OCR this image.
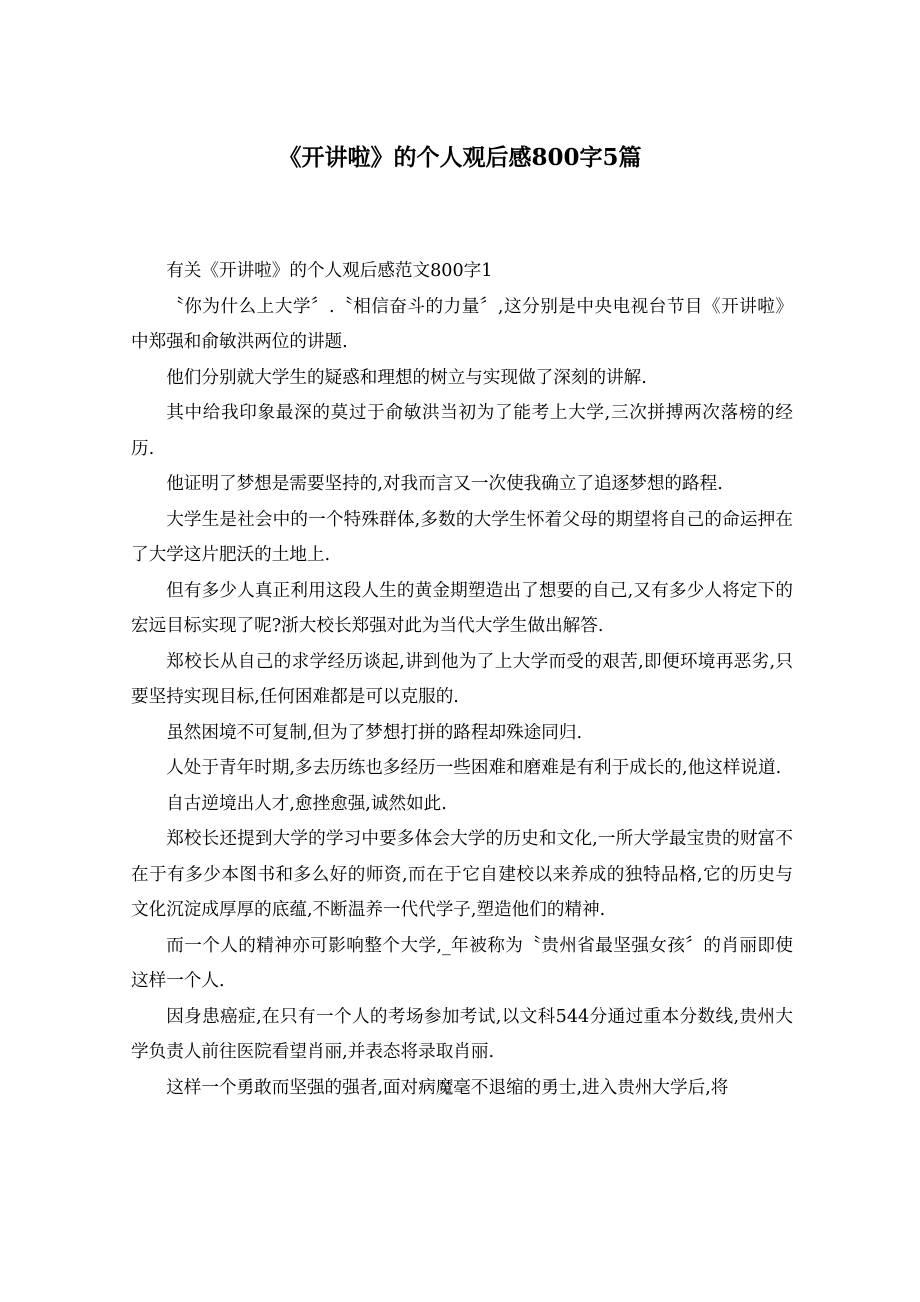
《开讲啦》的个人观后感800字5篇

有关《开讲啦》的个人观后感范文800字1

〝你为什么上大学〞.〝相信奋斗的力量〞,这分别是中央电视台节目《开讲啦》中郑强和俞敏洪两位的讲题.

他们分别就大学生的疑惑和理想的树立与实现做了深刻的讲解.

其中给我印象最深的莫过于俞敏洪当初为了能考上大学,三次拼搏两次落榜的经历.

他证明了梦想是需要坚持的,对我而言又一次使我确立了追逐梦想的路程.

大学生是社会中的一个特殊群体,多数的大学生怀着父母的期望将自己的命运押在了大学这片肥沃的土地上.

但有多少人真正利用这段人生的黄金期塑造出了想要的自己,又有多少人将定下的宏远目标实现了呢?浙大校长郑强对此为当代大学生做出解答.

郑校长从自己的求学经历谈起,讲到他为了上大学而受的艰苦,即便环境再恶劣,只要坚持实现目标,任何困难都是可以克服的.

虽然困境不可复制,但为了梦想打拼的路程却殊途同归.

人处于青年时期,多去历练也多经历一些困难和磨难是有利于成长的,他这样说道.

自古逆境出人才,愈挫愈强,诚然如此.

郑校长还提到大学的学习中要多体会大学的历史和文化,一所大学最宝贵的财富不在于有多少本图书和多么好的师资,而在于它自建校以来养成的独特品格,它的历史与文化沉淀成厚厚的底蕴,不断温养一代代学子,塑造他们的精神.

而一个人的精神亦可影响整个大学,_年被称为〝贵州省最坚强女孩〞的肖丽即使这样一个人.

因身患癌症,在只有一个人的考场参加考试,以文科544分通过重本分数线,贵州大学负责人前往医院看望肖丽,并表态将录取肖丽.

这样一个勇敢而坚强的强者,面对病魔毫不退缩的勇士,进入贵州大学后,将
